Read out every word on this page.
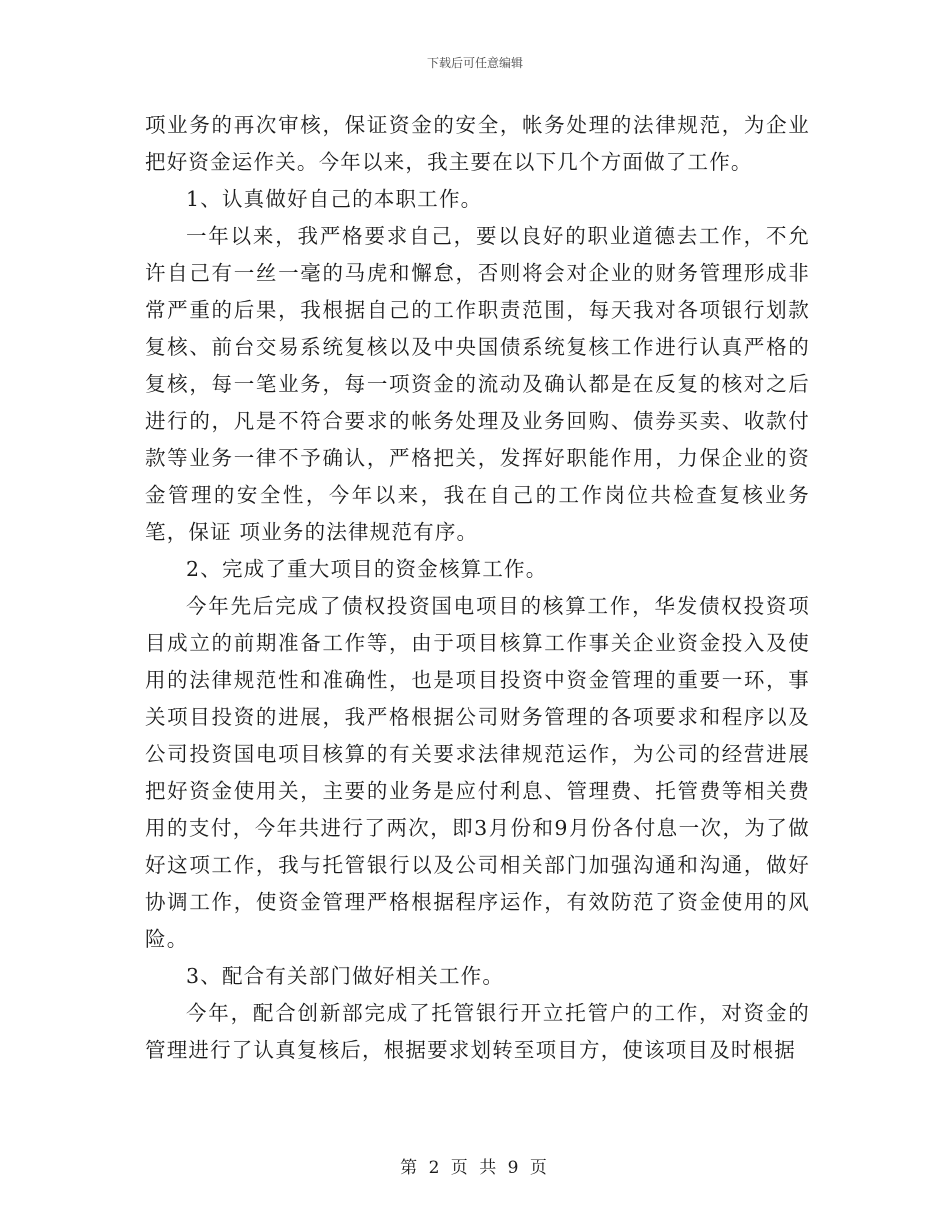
下载后可任意编辑

项业务的再次审核，保证资金的安全，帐务处理的法律规范，为企业把好资金运作关。今年以来，我主要在以下几个方面做了工作。

1、认真做好自己的本职工作。

一年以来，我严格要求自己，要以良好的职业道德去工作，不允许自己有一丝一毫的马虎和懈怠，否则将会对企业的财务管理形成非常严重的后果，我根据自己的工作职责范围，每天我对各项银行划款复核、前台交易系统复核以及中央国债系统复核工作进行认真严格的复核，每一笔业务，每一项资金的流动及确认都是在反复的核对之后进行的，凡是不符合要求的帐务处理及业务回购、债券买卖、收款付款等业务一律不予确认，严格把关，发挥好职能作用，力保企业的资金管理的安全性，今年以来，我在自己的工作岗位共检查复核业务笔，保证 项业务的法律规范有序。

2、完成了重大项目的资金核算工作。

今年先后完成了债权投资国电项目的核算工作，华发债权投资项目成立的前期准备工作等，由于项目核算工作事关企业资金投入及使用的法律规范性和准确性，也是项目投资中资金管理的重要一环，事关项目投资的进展，我严格根据公司财务管理的各项要求和程序以及公司投资国电项目核算的有关要求法律规范运作，为公司的经营进展把好资金使用关，主要的业务是应付利息、管理费、托管费等相关费用的支付，今年共进行了两次，即3月份和9月份各付息一次，为了做好这项工作，我与托管银行以及公司相关部门加强沟通和沟通，做好协调工作，使资金管理严格根据程序运作，有效防范了资金使用的风险。

3、配合有关部门做好相关工作。

今年，配合创新部完成了托管银行开立托管户的工作，对资金的管理进行了认真复核后，根据要求划转至项目方，使该项目及时根据

第 2 页 共 9 页
